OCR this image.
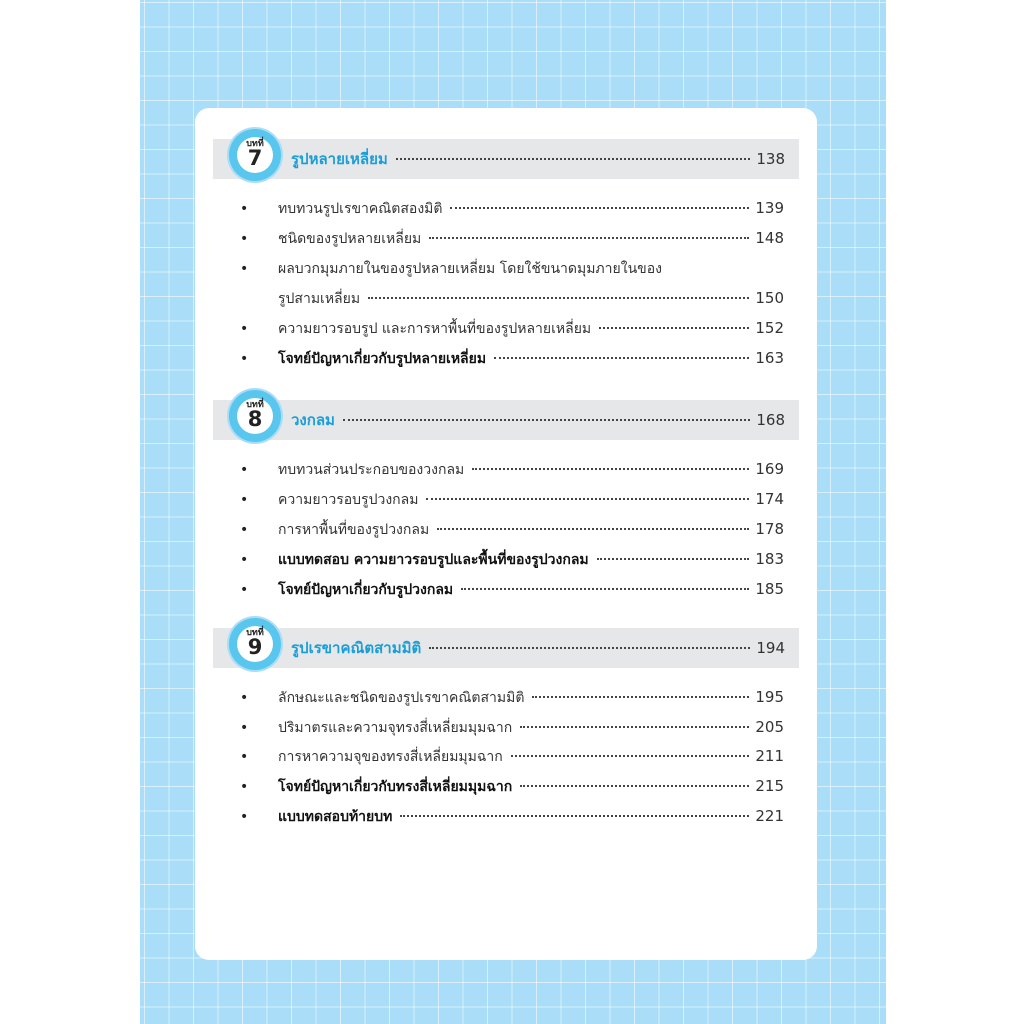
บทที่
7	รูปหลายเหลี่ยม	138
•	ทบทวนรูปเรขาคณิตสองมิติ	139
•	ชนิดของรูปหลายเหลี่ยม	148
•	ผลบวกมุมภายในของรูปหลายเหลี่ยม โดยใช้ขนาดมุมภายในของ
รูปสามเหลี่ยม	150
•	ความยาวรอบรูป และการหาพื้นที่ของรูปหลายเหลี่ยม	152
•	โจทย์ปัญหาเกี่ยวกับรูปหลายเหลี่ยม	163
บทที่
8	วงกลม	168
•	ทบทวนส่วนประกอบของวงกลม	169
•	ความยาวรอบรูปวงกลม	174
•	การหาพื้นที่ของรูปวงกลม	178
•	แบบทดสอบ ความยาวรอบรูปและพื้นที่ของรูปวงกลม	183
•	โจทย์ปัญหาเกี่ยวกับรูปวงกลม	185
บทที่
9	รูปเรขาคณิตสามมิติ	194
•	ลักษณะและชนิดของรูปเรขาคณิตสามมิติ	195
•	ปริมาตรและความจุทรงสี่เหลี่ยมมุมฉาก	205
•	การหาความจุของทรงสี่เหลี่ยมมุมฉาก	211
•	โจทย์ปัญหาเกี่ยวกับทรงสี่เหลี่ยมมุมฉาก	215
•	แบบทดสอบท้ายบท	221
